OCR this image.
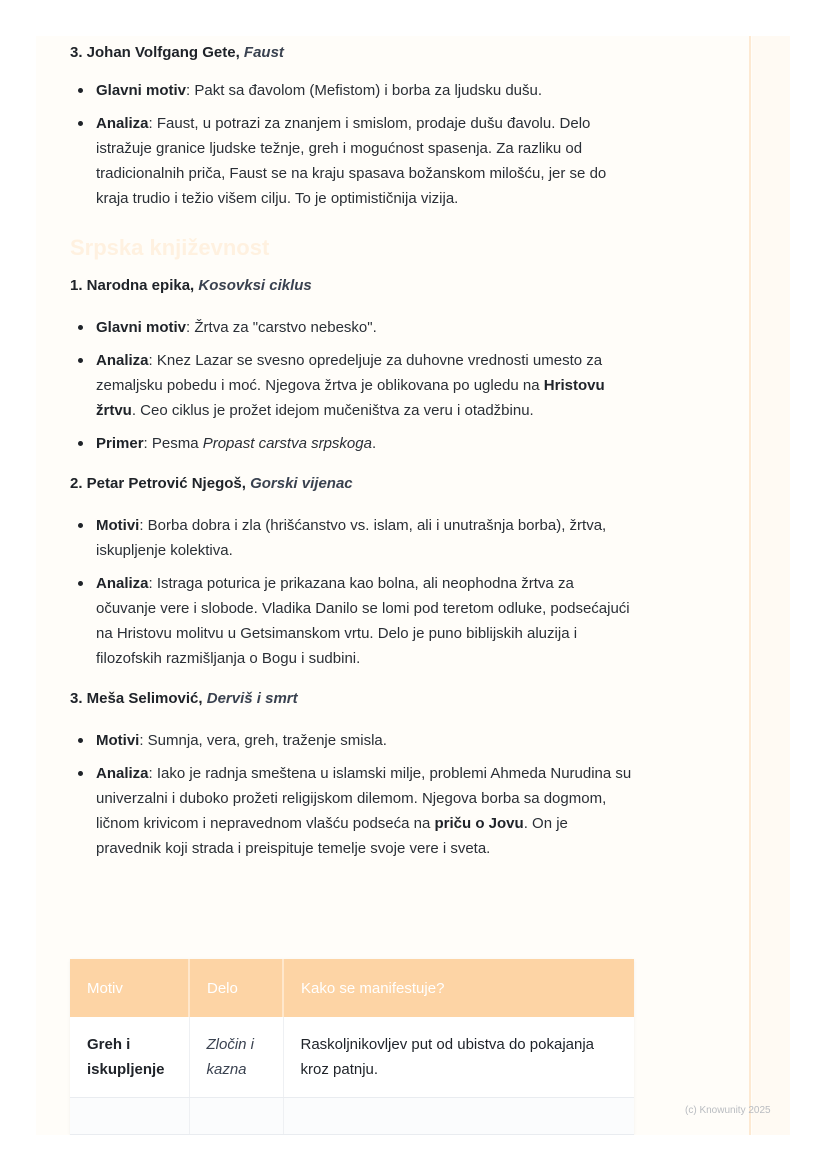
3. Johan Volfgang Gete, Faust
Glavni motiv: Pakt sa đavolom (Mefistom) i borba za ljudsku dušu.
Analiza: Faust, u potrazi za znanjem i smislom, prodaje dušu đavolu. Delo istražuje granice ljudske težnje, greh i mogućnost spasenja. Za razliku od tradicionalnih priča, Faust se na kraju spasava božanskom milošću, jer se do kraja trudio i težio višem cilju. To je optimističnija vizija.
Srpska književnost
1. Narodna epika, Kosovksi ciklus
Glavni motiv: Žrtva za "carstvo nebesko".
Analiza: Knez Lazar se svesno opredeljuje za duhovne vrednosti umesto za zemaljsku pobedu i moć. Njegova žrtva je oblikovana po ugledu na Hristovu žrtvu. Ceo ciklus je prožet idejom mučeništva za veru i otadžbinu.
Primer: Pesma Propast carstva srpskoga.
2. Petar Petrović Njegoš, Gorski vijenac
Motivi: Borba dobra i zla (hrišćanstvo vs. islam, ali i unutrašnja borba), žrtva, iskupljenje kolektiva.
Analiza: Istraga poturica je prikazana kao bolna, ali neophodna žrtva za očuvanje vere i slobode. Vladika Danilo se lomi pod teretom odluke, podsećajući na Hristovu molitvu u Getsimanskom vrtu. Delo je puno biblijskih aluzija i filozofskih razmišljanja o Bogu i sudbini.
3. Meša Selimović, Derviš i smrt
Motivi: Sumnja, vera, greh, traženje smisla.
Analiza: Iako je radnja smeštena u islamski milje, problemi Ahmeda Nurudina su univerzalni i duboko prožeti religijskom dilemom. Njegova borba sa dogmom, ličnom krivicom i nepravednom vlašću podseća na priču o Jovu. On je pravednik koji strada i preispituje temelje svoje vere i sveta.
Motiv	Delo	Kako se manifestuje?
Greh i iskupljenje	Zločin i kazna	Raskoljnikovljev put od ubistva do pokajanja kroz patnju.

(c) Knowunity 2025
